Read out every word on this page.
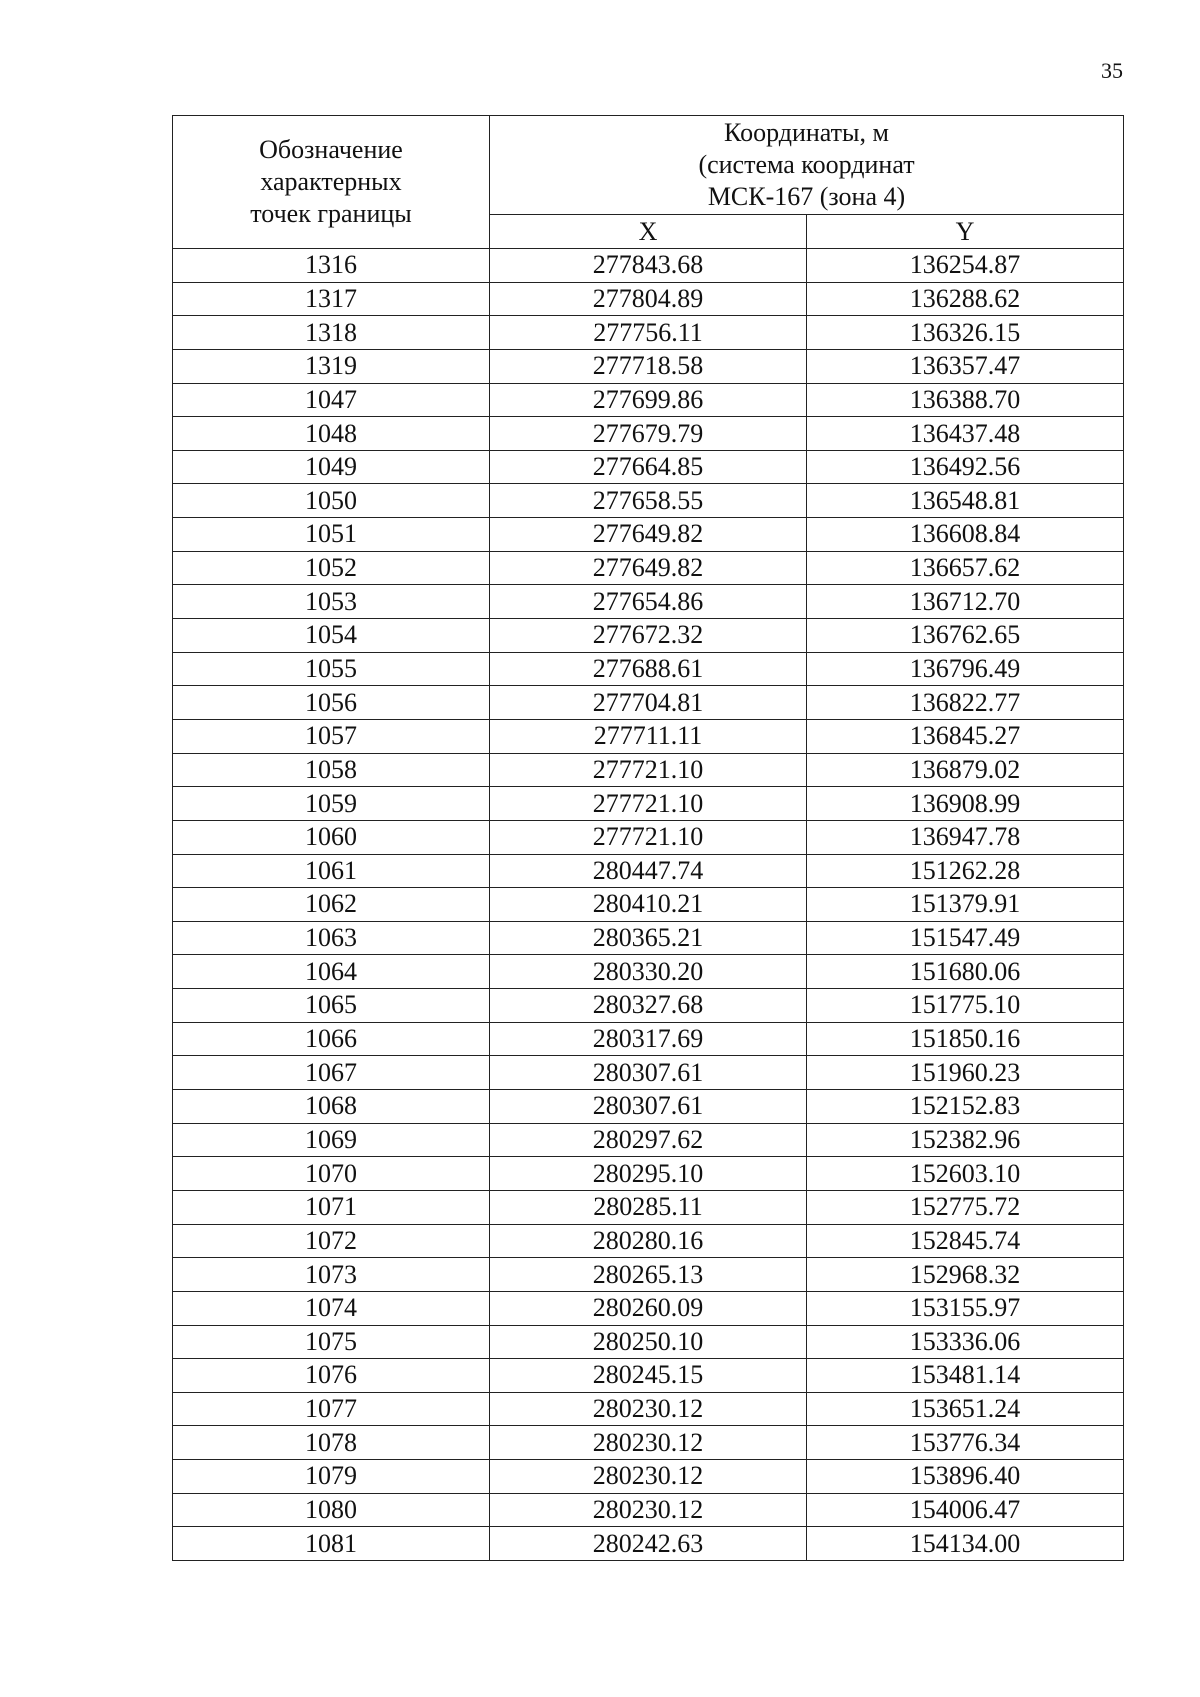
35
Обозначение
характерных
точек границы	Координаты, м
(система координат
МСК-167 (зона 4)	

	X	Y
1316	277843.68	136254.87
1317	277804.89	136288.62
1318	277756.11	136326.15
1319	277718.58	136357.47
1047	277699.86	136388.70
1048	277679.79	136437.48
1049	277664.85	136492.56
1050	277658.55	136548.81
1051	277649.82	136608.84
1052	277649.82	136657.62
1053	277654.86	136712.70
1054	277672.32	136762.65
1055	277688.61	136796.49
1056	277704.81	136822.77
1057	277711.11	136845.27
1058	277721.10	136879.02
1059	277721.10	136908.99
1060	277721.10	136947.78
1061	280447.74	151262.28
1062	280410.21	151379.91
1063	280365.21	151547.49
1064	280330.20	151680.06
1065	280327.68	151775.10
1066	280317.69	151850.16
1067	280307.61	151960.23
1068	280307.61	152152.83
1069	280297.62	152382.96
1070	280295.10	152603.10
1071	280285.11	152775.72
1072	280280.16	152845.74
1073	280265.13	152968.32
1074	280260.09	153155.97
1075	280250.10	153336.06
1076	280245.15	153481.14
1077	280230.12	153651.24
1078	280230.12	153776.34
1079	280230.12	153896.40
1080	280230.12	154006.47
1081	280242.63	154134.00
